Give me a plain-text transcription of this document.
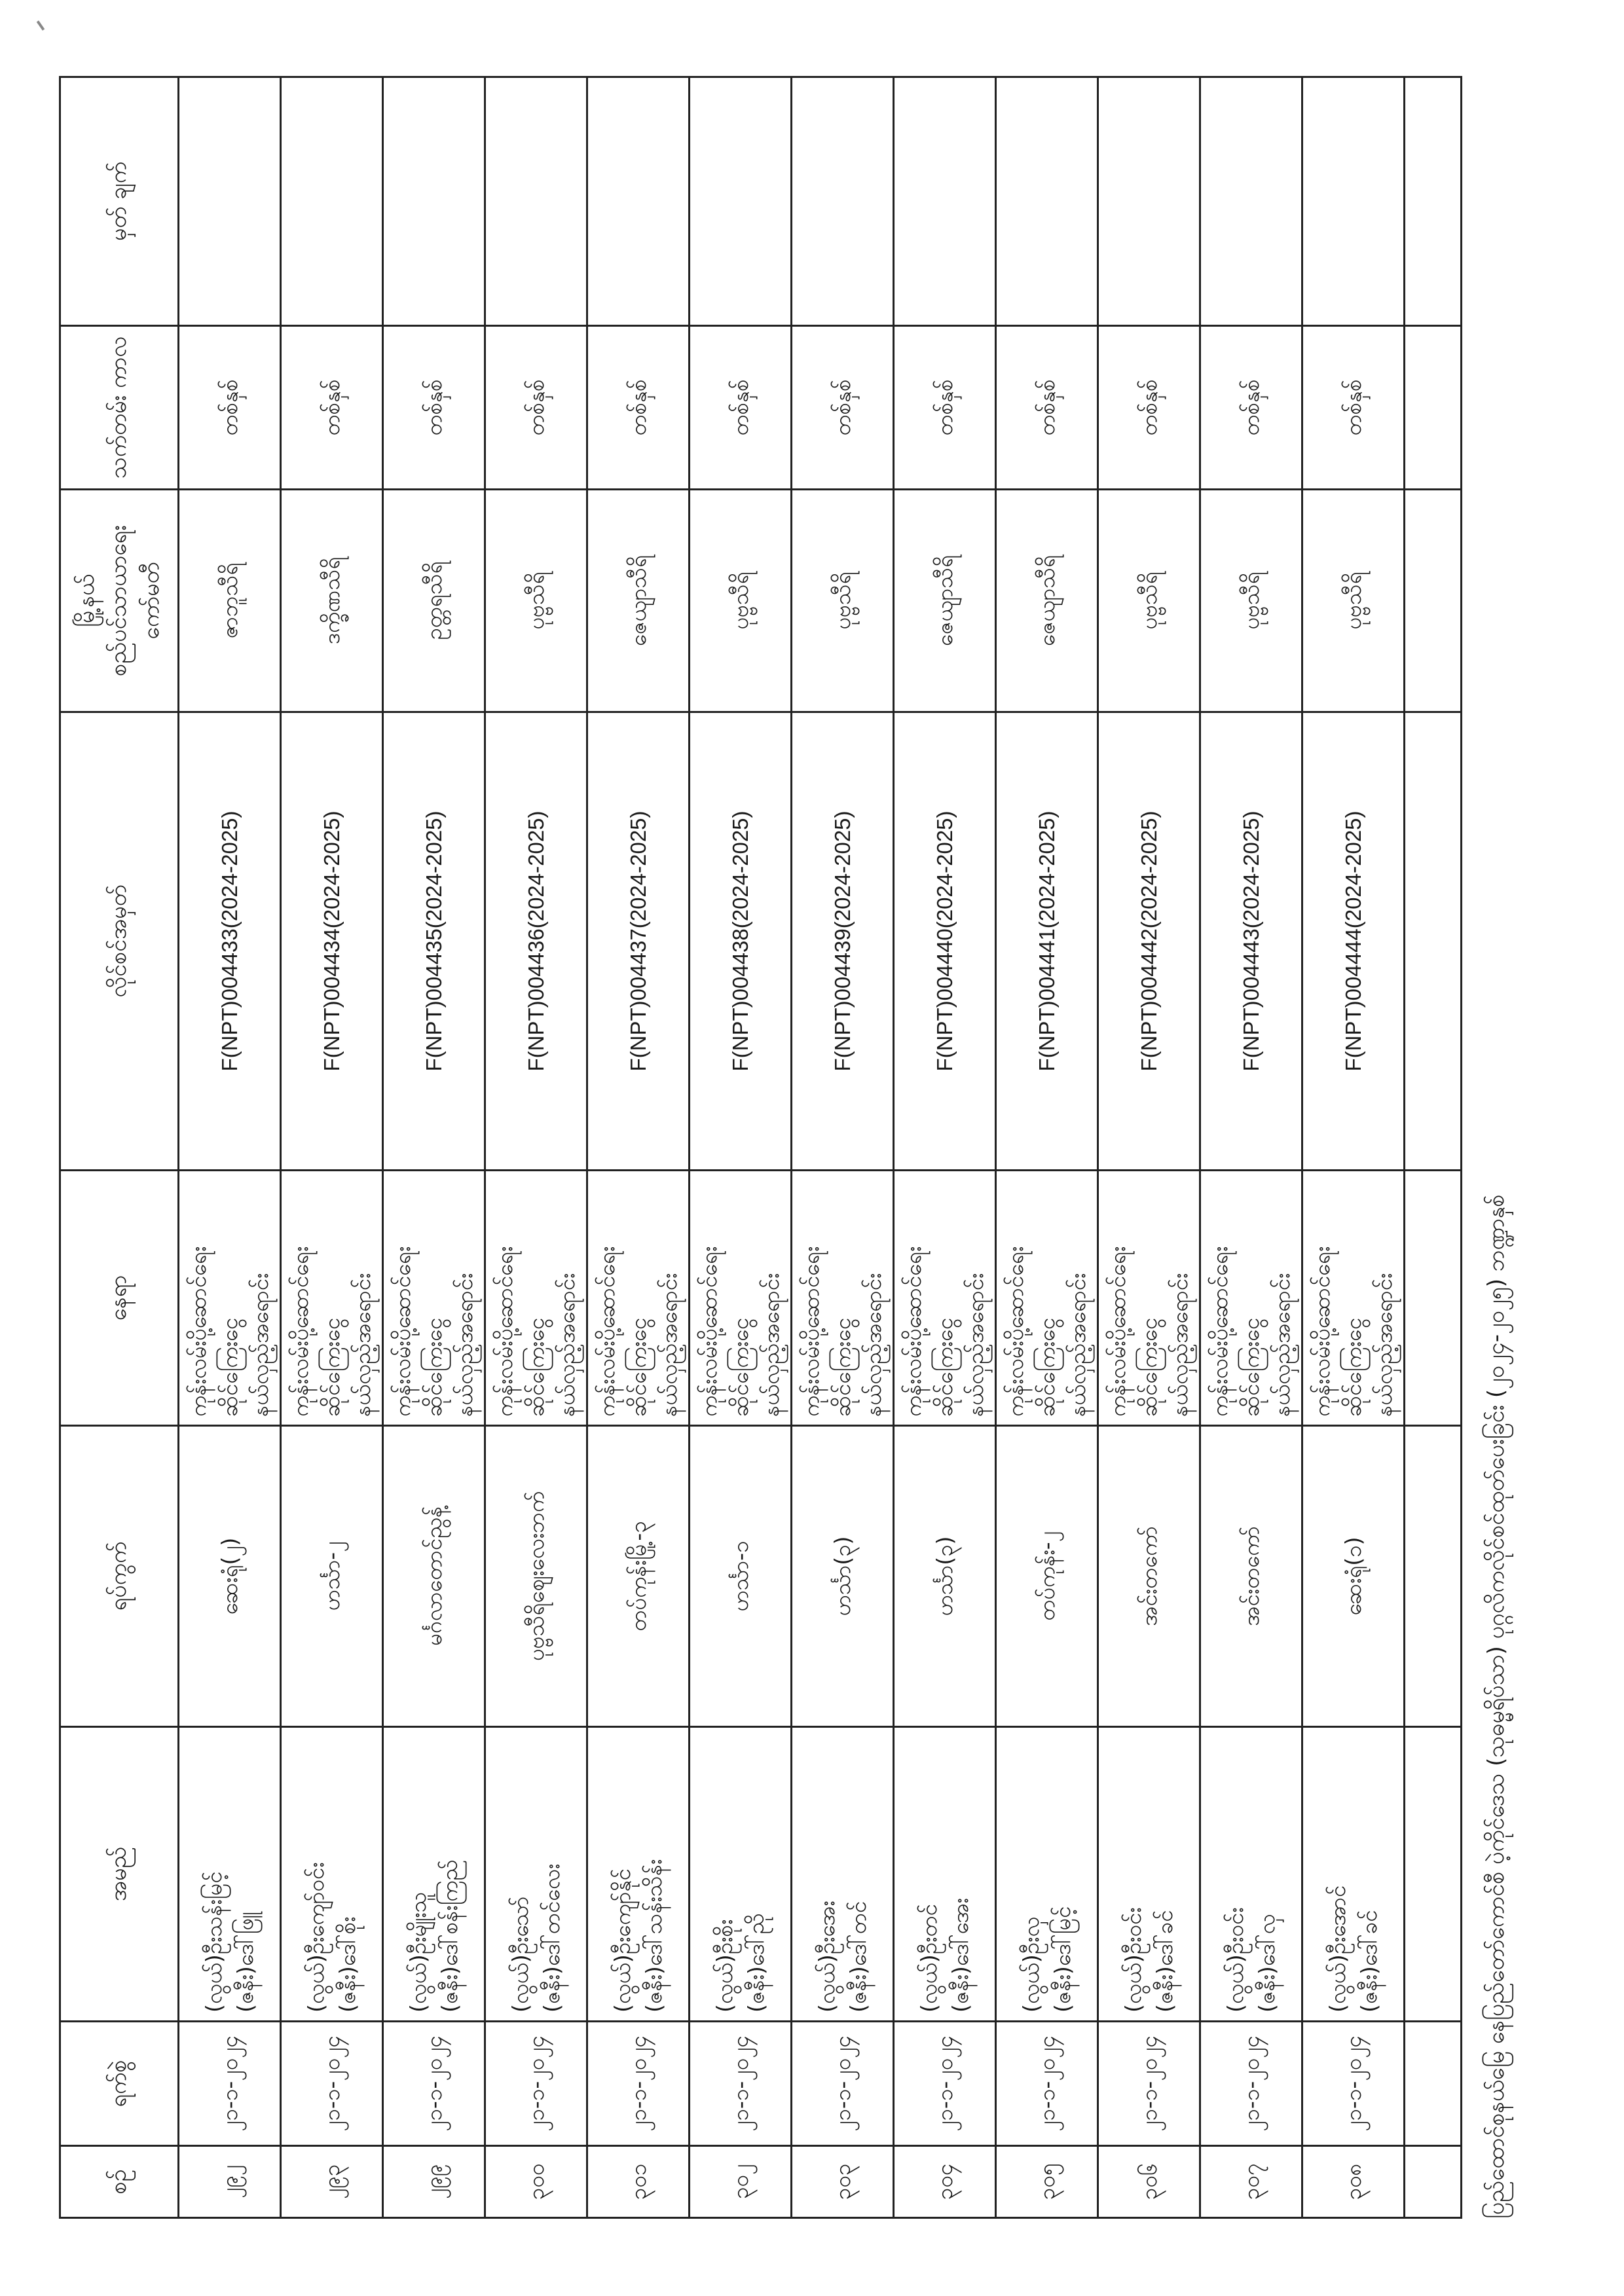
ပြည်ထောင်စုနယ်မြေ နေပြည်တော်ကောင်စီ ပဲ့ကိုင်ဒေသ (သုဓမ္မရိပ်သာ) ပုဂ္ဂလိကလိုင်စင်ထုတ်ပေးခြင်း (၂၀၂၄-၂၀၂၅) ဘဏ္ဍာနှစ်
စဉ်	ရက်စွဲ	အမည်	ရပ်ကွက်	နေရာ	လိုင်စင်အမှတ်	မြို့နယ် စည်ပင်သာယာရေးကော်မတီ	သက်တမ်း ကာလ	မှတ် ချက်

၂၉၂	၂၁-၁-၂၀၂၄	(လွယ်)ဦးသန်းမြင့် (ဇနီး)ဒေါ်ဖြူ	ဆေးရုံ(၂)	ကုန်းလမ်းပို့ဆောင်ရေး ဆိုင်ကြေးငွေ နယ်လှည့်အရောင်း	F(NPT)004433(2024-2025)	ဇာဘူသီရိ	တစ်နှစ်	

၂၉၃	၂၁-၁-၂၀၂၄	(လွယ်)ဦးကျော်ဝင်း (ဇနီး)ဒေါ်စိုး	ဟင်္သာ-၂	ကုန်းလမ်းပို့ဆောင်ရေး ဆိုင်ကြေးငွေ နယ်လှည့်အရောင်း	F(NPT)004434(2024-2025)	ဒက္ခိဏသီရိ	တစ်နှစ်	

၂၉၉	၂၁-၁-၂၀၂၄	(လွယ်)ဦးမျိုးသူ (ဇနီး)ဒေါ်စန်းကြည်	မင်္ဂလာတောင်ညွန့်	ကုန်းလမ်းပို့ဆောင်ရေး ဆိုင်ကြေးငွေ နယ်လှည့်အရောင်း	F(NPT)004435(2024-2025)	ဥတ္တရသီရိ	တစ်နှစ်	

၃၀၀	၂၁-၁-၂၀၂၄	(လွယ်)ဦးသော် (ဇနီး)ဒေါ်တင်လေး	ပုဗ္ဗသီရိဈေးလေးဘက်	ကုန်းလမ်းပို့ဆောင်ရေး ဆိုင်ကြေးငွေ နယ်လှည့်အရောင်း	F(NPT)004436(2024-2025)	ပုဗ္ဗသီရိ	တစ်နှစ်	

၃၀၁	၂၁-၁-၂၀၂၄	(လွယ်)ဦးကျော်နိုင် (ဇနီး)ဒေါ်သန်းသိန်း	တပ်ကုန်းမြို့-၃	ကုန်းလမ်းပို့ဆောင်ရေး ဆိုင်ကြေးငွေ နယ်လှည့်အရောင်း	F(NPT)004437(2024-2025)	ဇေယျာသီရိ	တစ်နှစ်	

၃၀၂	၂၁-၁-၂၀၂၄	(လွယ်)ဦးစိုး (ဇနီး)ဒေါ်ညို	ဟင်္သာ-၁	ကုန်းလမ်းပို့ဆောင်ရေး ဆိုင်ကြေးငွေ နယ်လှည့်အရောင်း	F(NPT)004438(2024-2025)	ပုဗ္ဗသီရိ	တစ်နှစ်	

၃၀၃	၂၁-၁-၂၀၂၄	(လွယ်)ဦးအေး (ဇနီး)ဒေါ်တင်	ဟင်္သာ(၃)	ကုန်းလမ်းပို့ဆောင်ရေး ဆိုင်ကြေးငွေ နယ်လှည့်အရောင်း	F(NPT)004439(2024-2025)	ပုဗ္ဗသီရိ	တစ်နှစ်	

၃၀၄	၂၁-၁-၂၀၂၄	(လွယ်)ဦးတင် (ဇနီး)ဒေါ်အေး	ဟင်္သာ(၃)	ကုန်းလမ်းပို့ဆောင်ရေး ဆိုင်ကြေးငွေ နယ်လှည့်အရောင်း	F(NPT)004440(2024-2025)	ဇေယျာသီရိ	တစ်နှစ်	

၃၀၅	၂၁-၁-၂၀၂၄	(လွယ်)ဦးလှ (ဇနီး)ဒေါ်မြင့်	တပ်ကုန်း-၂	ကုန်းလမ်းပို့ဆောင်ရေး ဆိုင်ကြေးငွေ နယ်လှည့်အရောင်း	F(NPT)004441(2024-2025)	ဇေယျာသီရိ	တစ်နှစ်	

၃၀၆	၂၁-၁-၂၀၂၄	(လွယ်)ဦးဝင်း (ဇနီး)ဒေါ်ခင်	အင်းတကော်	ကုန်းလမ်းပို့ဆောင်ရေး ဆိုင်ကြေးငွေ နယ်လှည့်အရောင်း	F(NPT)004442(2024-2025)	ပုဗ္ဗသီရိ	တစ်နှစ်	

၃၀၇	၂၁-၁-၂၀၂၄	(လွယ်)ဦးဝင်း (ဇနီး)ဒေါ်လှ	အင်းတကော်	ကုန်းလမ်းပို့ဆောင်ရေး ဆိုင်ကြေးငွေ နယ်လှည့်အရောင်း	F(NPT)004443(2024-2025)	ပုဗ္ဗသီရိ	တစ်နှစ်	

၃၀၈	၂၁-၁-၂၀၂၄	(လွယ်)ဦးအောင် (ဇနီး)ဒေါ်ခင်	ဆေးရုံ(၁)	ကုန်းလမ်းပို့ဆောင်ရေး ဆိုင်ကြေးငွေ နယ်လှည့်အရောင်း	F(NPT)004444(2024-2025)	ပုဗ္ဗသီရိ	တစ်နှစ်	
